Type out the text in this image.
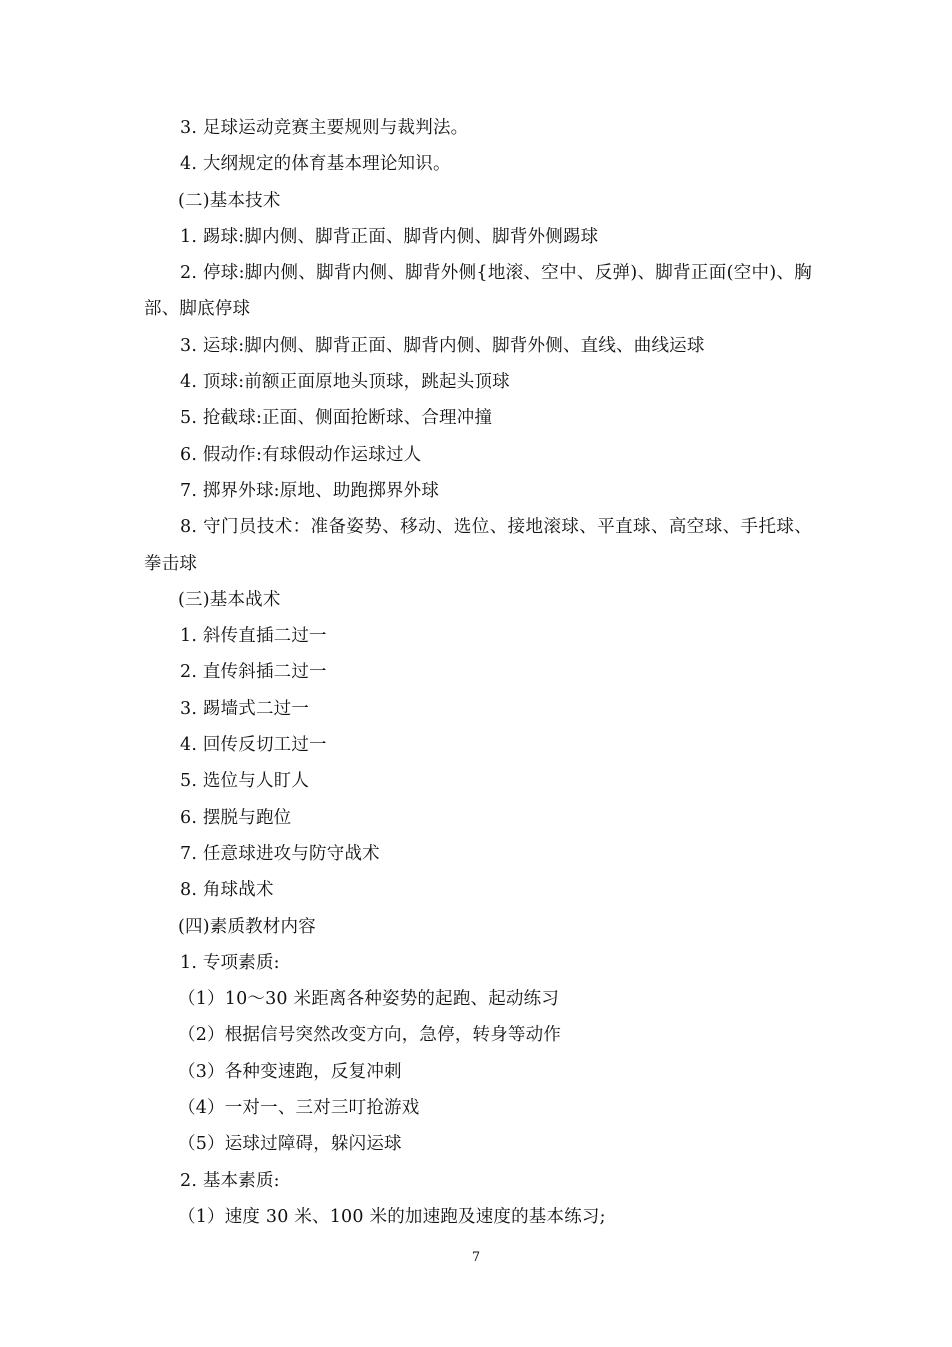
3. 足球运动竞赛主要规则与裁判法。
4. 大纲规定的体育基本理论知识。
(二)基本技术
1. 踢球:脚内侧、脚背正面、脚背内侧、脚背外侧踢球
2. 停球:脚内侧、脚背内侧、脚背外侧{地滚、空中、反弹)、脚背正面(空中)、胸部、脚底停球
3. 运球:脚内侧、脚背正面、脚背内侧、脚背外侧、直线、曲线运球
4. 顶球:前额正面原地头顶球，跳起头顶球
5. 抢截球:正面、侧面抢断球、合理冲撞
6. 假动作:有球假动作运球过人
7. 掷界外球:原地、助跑掷界外球
8. 守门员技术：准备姿势、移动、选位、接地滚球、平直球、高空球、手托球、拳击球
(三)基本战术
1. 斜传直插二过一
2. 直传斜插二过一
3. 踢墙式二过一
4. 回传反切工过一
5. 选位与人盯人
6. 摆脱与跑位
7. 任意球进攻与防守战术
8. 角球战术
(四)素质教材内容
1. 专项素质:
（1）10～30 米距离各种姿势的起跑、起动练习
（2）根据信号突然改变方向，急停，转身等动作
（3）各种变速跑，反复冲刺
（4）一对一、三对三叮抢游戏
（5）运球过障碍，躲闪运球
2. 基本素质:
（1）速度 30 米、100 米的加速跑及速度的基本练习;
7
